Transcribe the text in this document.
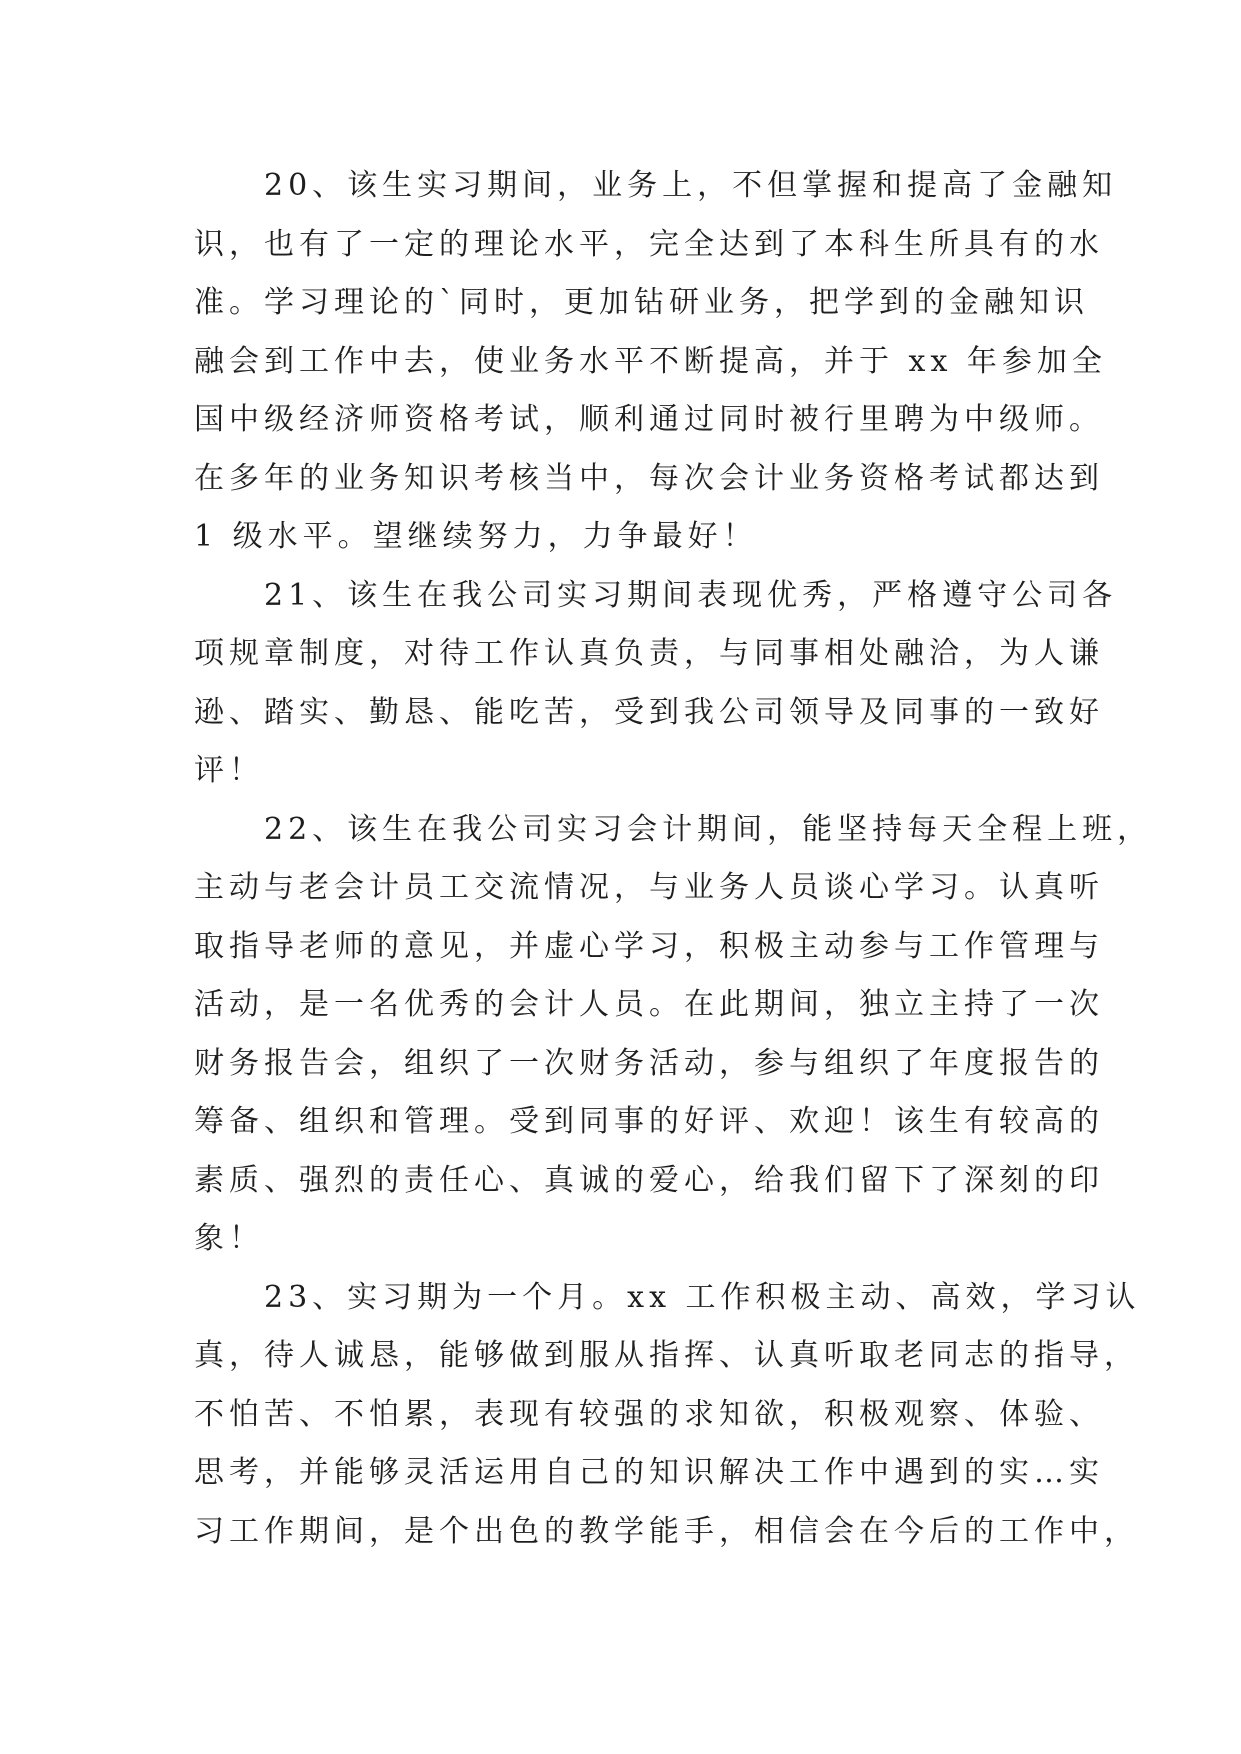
　　20、该生实习期间，业务上，不但掌握和提高了金融知
识，也有了一定的理论水平，完全达到了本科生所具有的水
准。学习理论的`同时，更加钻研业务，把学到的金融知识
融会到工作中去，使业务水平不断提高，并于 xx 年参加全
国中级经济师资格考试，顺利通过同时被行里聘为中级师。
在多年的业务知识考核当中，每次会计业务资格考试都达到
1 级水平。望继续努力，力争最好！
　　21、该生在我公司实习期间表现优秀，严格遵守公司各
项规章制度，对待工作认真负责，与同事相处融洽，为人谦
逊、踏实、勤恳、能吃苦，受到我公司领导及同事的一致好
评！
　　22、该生在我公司实习会计期间，能坚持每天全程上班，
主动与老会计员工交流情况，与业务人员谈心学习。认真听
取指导老师的意见，并虚心学习，积极主动参与工作管理与
活动，是一名优秀的会计人员。在此期间，独立主持了一次
财务报告会，组织了一次财务活动，参与组织了年度报告的
筹备、组织和管理。受到同事的好评、欢迎！该生有较高的
素质、强烈的责任心、真诚的爱心，给我们留下了深刻的印
象！
　　23、实习期为一个月。xx 工作积极主动、高效，学习认
真，待人诚恳，能够做到服从指挥、认真听取老同志的指导，
不怕苦、不怕累，表现有较强的求知欲，积极观察、体验、
思考，并能够灵活运用自己的知识解决工作中遇到的实…实
习工作期间，是个出色的教学能手，相信会在今后的工作中，
